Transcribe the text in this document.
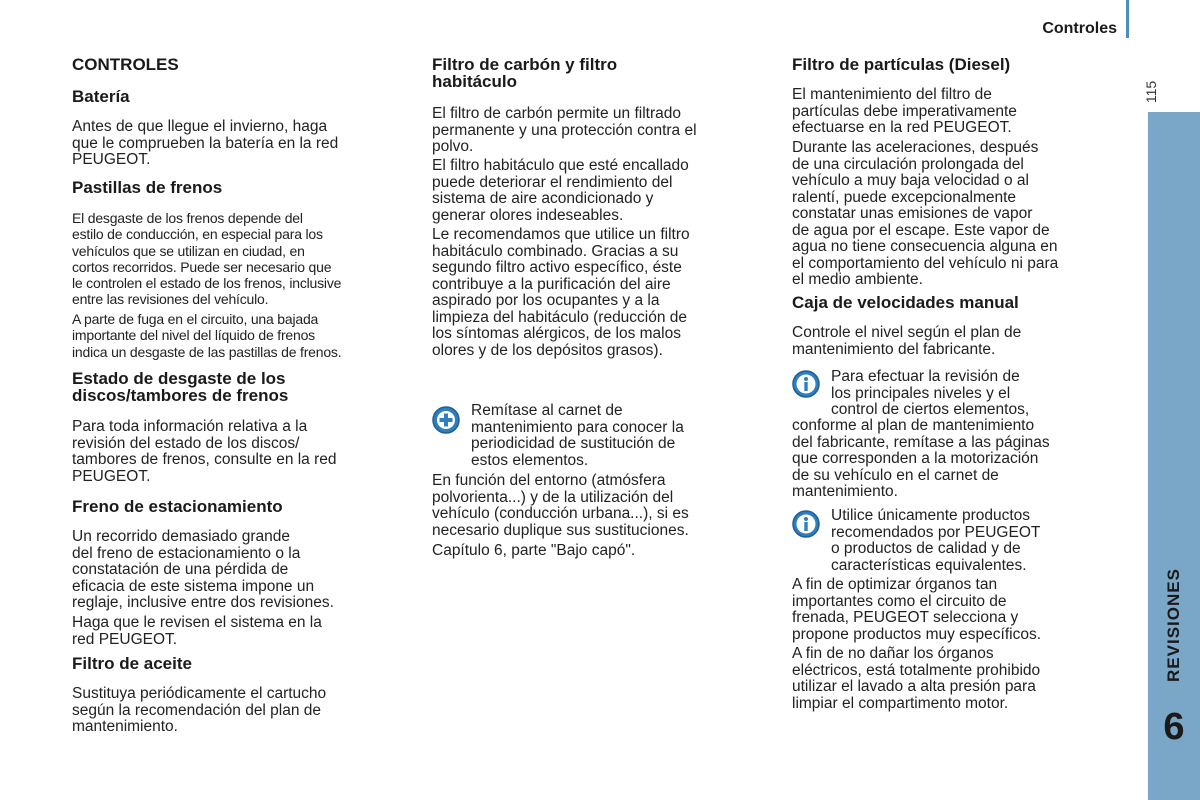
Controles
115
REVISIONES
6
CONTROLES
Batería
Antes de que llegue el invierno, haga
que le comprueben la batería en la red
PEUGEOT.
Pastillas de frenos
El desgaste de los frenos depende del
estilo de conducción, en especial para los
vehículos que se utilizan en ciudad, en
cortos recorridos. Puede ser necesario que
le controlen el estado de los frenos, inclusive
entre las revisiones del vehículo.
A parte de fuga en el circuito, una bajada
importante del nivel del líquido de frenos
indica un desgaste de las pastillas de frenos.
Estado de desgaste de los
discos/tambores de frenos
Para toda información relativa a la
revisión del estado de los discos/
tambores de frenos, consulte en la red
PEUGEOT.
Freno de estacionamiento
Un recorrido demasiado grande
del freno de estacionamiento o la
constatación de una pérdida de
eficacia de este sistema impone un
reglaje, inclusive entre dos revisiones.
Haga que le revisen el sistema en la
red PEUGEOT.
Filtro de aceite
Sustituya periódicamente el cartucho
según la recomendación del plan de
mantenimiento.
Filtro de carbón y filtro
habitáculo
El filtro de carbón permite un filtrado
permanente y una protección contra el
polvo.
El filtro habitáculo que esté encallado
puede deteriorar el rendimiento del
sistema de aire acondicionado y
generar olores indeseables.
Le recomendamos que utilice un filtro
habitáculo combinado. Gracias a su
segundo filtro activo específico, éste
contribuye a la purificación del aire
aspirado por los ocupantes y a la
limpieza del habitáculo (reducción de
los síntomas alérgicos, de los malos
olores y de los depósitos grasos).
Remítase al carnet de
mantenimiento para conocer la
periodicidad de sustitución de
estos elementos.
En función del entorno (atmósfera
polvorienta...) y de la utilización del
vehículo (conducción urbana...), si es
necesario duplique sus sustituciones.
Capítulo 6, parte "Bajo capó".
Filtro de partículas (Diesel)
El mantenimiento del filtro de
partículas debe imperativamente
efectuarse en la red PEUGEOT.
Durante las aceleraciones, después
de una circulación prolongada del
vehículo a muy baja velocidad o al
ralentí, puede excepcionalmente
constatar unas emisiones de vapor
de agua por el escape. Este vapor de
agua no tiene consecuencia alguna en
el comportamiento del vehículo ni para
el medio ambiente.
Caja de velocidades manual
Controle el nivel según el plan de
mantenimiento del fabricante.
Para efectuar la revisión de
los principales niveles y el
control de ciertos elementos,
conforme al plan de mantenimiento
del fabricante, remítase a las páginas
que corresponden a la motorización
de su vehículo en el carnet de
mantenimiento.
Utilice únicamente productos
recomendados por PEUGEOT
o productos de calidad y de
características equivalentes.
A fin de optimizar órganos tan
importantes como el circuito de
frenada, PEUGEOT selecciona y
propone productos muy específicos.
A fin de no dañar los órganos
eléctricos, está totalmente prohibido
utilizar el lavado a alta presión para
limpiar el compartimento motor.
